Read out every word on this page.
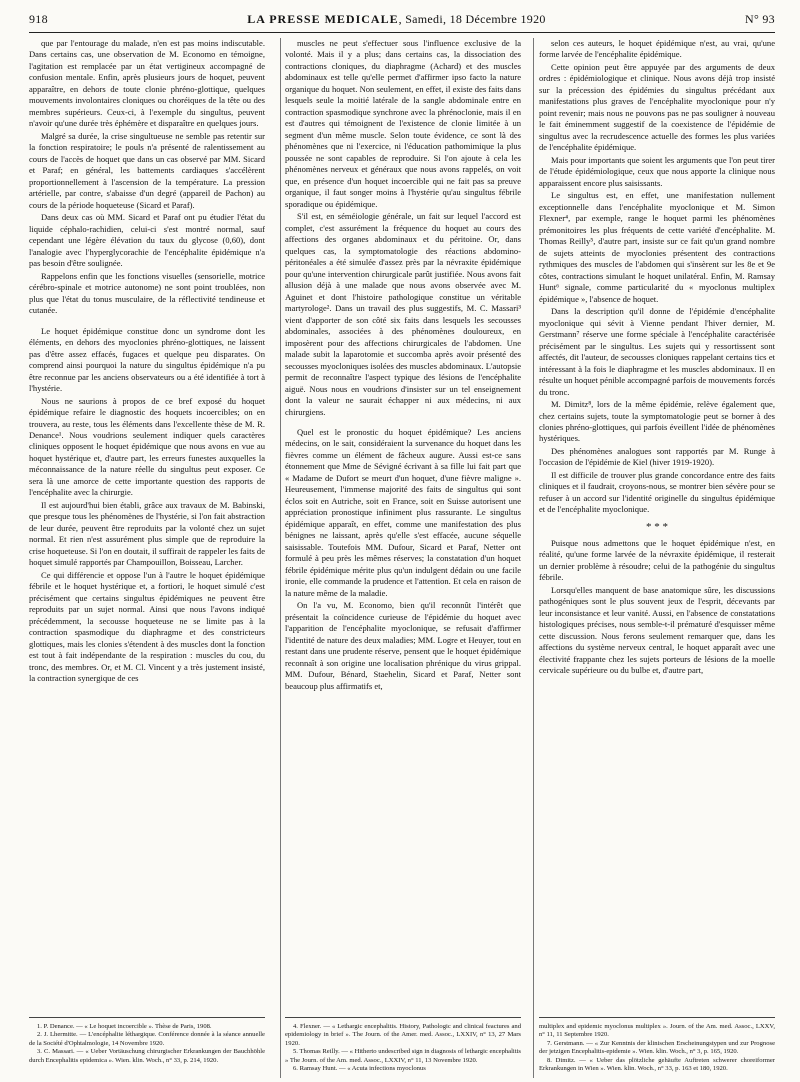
918	LA PRESSE MEDICALE, Samedi, 18 Décembre 1920	N° 93

que par l'entourage du malade, n'en est pas moins indiscutable. Dans certains cas, une observation de M. Economo en témoigne, l'agitation est remplacée par un état vertigineux accompagné de confusion mentale. Enfin, après plusieurs jours de hoquet, peuvent apparaître, en dehors de toute clonie phréno-glottique, quelques mouvements involontaires cloniques ou choréiques de la tête ou des membres supérieurs. Ceux-ci, à l'exemple du singultus, peuvent n'avoir qu'une durée très éphémère et disparaître en quelques jours.

Malgré sa durée, la crise singultueuse ne semble pas retentir sur la fonction respiratoire; le pouls n'a présenté de ralentissement au cours de l'accès de hoquet que dans un cas observé par MM. Sicard et Paraf; en général, les battements cardiaques s'accélèrent proportionnellement à l'ascension de la température. La pression artérielle, par contre, s'abaisse d'un degré (appareil de Pachon) au cours de la période hoqueteuse (Sicard et Paraf).

Dans deux cas où MM. Sicard et Paraf ont pu étudier l'état du liquide céphalo-rachidien, celui-ci s'est montré normal, sauf cependant une légère élévation du taux du glycose (0,60), dont l'analogie avec l'hyperglycorachie de l'encéphalite épidémique n'a pas besoin d'être soulignée.

Rappelons enfin que les fonctions visuelles (sensorielle, motrice cérébro-spinale et motrice autonome) ne sont point troublées, non plus que l'état du tonus musculaire, de la réflectivité tendineuse et cutanée.

Le hoquet épidémique constitue donc un syndrome dont les éléments, en dehors des myoclonies phréno-glottiques, ne laissent pas d'être assez effacés, fugaces et quelque peu disparates. On comprend ainsi pourquoi la nature du singultus épidémique n'a pu être reconnue par les anciens observateurs ou a été identifiée à tort à l'hystérie.

Nous ne saurions à propos de ce bref exposé du hoquet épidémique refaire le diagnostic des hoquets incoercibles; on en trouvera, au reste, tous les éléments dans l'excellente thèse de M. R. Denance¹. Nous voudrions seulement indiquer quels caractères cliniques opposent le hoquet épidémique que nous avons en vue au hoquet hystérique et, d'autre part, les erreurs funestes auxquelles la méconnaissance de la nature réelle du singultus peut exposer. Ce sera là une amorce de cette importante question des rapports de l'encéphalite avec la chirurgie.

Il est aujourd'hui bien établi, grâce aux travaux de M. Babinski, que presque tous les phénomènes de l'hystérie, si l'on fait abstraction de leur durée, peuvent être reproduits par la volonté chez un sujet normal. Et rien n'est assurément plus simple que de reproduire la crise hoqueteuse. Si l'on en doutait, il suffirait de rappeler les faits de hoquet simulé rapportés par Champouillon, Boisseau, Larcher.

Ce qui différencie et oppose l'un à l'autre le hoquet épidémique fébrile et le hoquet hystérique et, a fortiori, le hoquet simulé c'est précisément que certains singultus épidémiques ne peuvent être reproduits par un sujet normal. Ainsi que nous l'avons indiqué précédemment, la secousse hoqueteuse ne se limite pas à la contraction spasmodique du diaphragme et des constricteurs glottiques, mais les clonies s'étendent à des muscles dont la fonction est tout à fait indépendante de la respiration : muscles du cou, du tronc, des membres. Or, et M. Cl. Vincent y a très justement insisté, la contraction synergique de ces

muscles ne peut s'effectuer sous l'influence exclusive de la volonté. Mais il y a plus; dans certains cas, la dissociation des contractions cloniques, du diaphragme (Achard) et des muscles abdominaux est telle qu'elle permet d'affirmer ipso facto la nature organique du hoquet. Non seulement, en effet, il existe des faits dans lesquels seule la moitié latérale de la sangle abdominale entre en contraction spasmodique synchrone avec la phrénoclonie, mais il en est d'autres qui témoignent de l'existence de clonie limitée à un segment d'un même muscle. Selon toute évidence, ce sont là des phénomènes que ni l'exercice, ni l'éducation pathomimique la plus poussée ne sont capables de reproduire. Si l'on ajoute à cela les phénomènes nerveux et généraux que nous avons rappelés, on voit que, en présence d'un hoquet incoercible qui ne fait pas sa preuve organique, il faut songer moins à l'hystérie qu'au singultus fébrile sporadique ou épidémique.

S'il est, en séméiologie générale, un fait sur lequel l'accord est complet, c'est assurément la fréquence du hoquet au cours des affections des organes abdominaux et du péritoine. Or, dans quelques cas, la symptomatologie des réactions abdomino-péritonéales a été simulée d'assez près par la névraxite épidémique pour qu'une intervention chirurgicale parût justifiée. Nous avons fait allusion déjà à une malade que nous avons observée avec M. Aguinet et dont l'histoire pathologique constitue un véritable martyrologe². Dans un travail des plus suggestifs, M. C. Massari³ vient d'apporter de son côté six faits dans lesquels les secousses abdominales, associées à des phénomènes douloureux, en imposèrent pour des affections chirurgicales de l'abdomen. Une malade subit la laparotomie et succomba après avoir présenté des secousses myocloniques isolées des muscles abdominaux. L'autopsie permit de reconnaître l'aspect typique des lésions de l'encéphalite aiguë. Nous nous en voudrions d'insister sur un tel enseignement dont la valeur ne saurait échapper ni aux médecins, ni aux chirurgiens.

Quel est le pronostic du hoquet épidémique? Les anciens médecins, on le sait, considéraient la survenance du hoquet dans les fièvres comme un élément de fâcheux augure. Aussi est-ce sans étonnement que Mme de Sévigné écrivant à sa fille lui fait part que « Madame de Dufort se meurt d'un hoquet, d'une fièvre maligne ». Heureusement, l'immense majorité des faits de singultus qui sont éclos soit en Autriche, soit en France, soit en Suisse autorisent une appréciation pronostique infiniment plus rassurante. Le singultus épidémique apparaît, en effet, comme une manifestation des plus bénignes ne laissant, après qu'elle s'est effacée, aucune séquelle saisissable. Toutefois MM. Dufour, Sicard et Paraf, Netter ont formulé à peu près les mêmes réserves; la constatation d'un hoquet fébrile épidémique mérite plus qu'un indulgent dédain ou une facile ironie, elle commande la prudence et l'attention. Et cela en raison de la nature même de la maladie.

On l'a vu, M. Economo, bien qu'il reconnût l'intérêt que présentait la coïncidence curieuse de l'épidémie du hoquet avec l'apparition de l'encéphalite myoclonique, se refusait d'affirmer l'identité de nature des deux maladies; MM. Logre et Heuyer, tout en restant dans une prudente réserve, pensent que le hoquet épidémique reconnaît à son origine une localisation phrénique du virus grippal. MM. Dufour, Bénard, Staehelin, Sicard et Paraf, Netter sont beaucoup plus affirmatifs et,

selon ces auteurs, le hoquet épidémique n'est, au vrai, qu'une forme larvée de l'encéphalite épidémique.

Cette opinion peut être appuyée par des arguments de deux ordres : épidémiologique et clinique. Nous avons déjà trop insisté sur la précession des épidémies du singultus précédant aux manifestations plus graves de l'encéphalite myoclonique pour n'y point revenir; mais nous ne pouvons pas ne pas souligner à nouveau le fait éminemment suggestif de la coexistence de l'épidémie de singultus avec la recrudescence actuelle des formes les plus variées de l'encéphalite épidémique.

Mais pour importants que soient les arguments que l'on peut tirer de l'étude épidémiologique, ceux que nous apporte la clinique nous apparaissent encore plus saisissants.

Le singultus est, en effet, une manifestation nullement exceptionnelle dans l'encéphalite myoclonique et M. Simon Flexner⁴, par exemple, range le hoquet parmi les phénomènes prémonitoires les plus fréquents de cette variété d'encéphalite. M. Thomas Reilly⁵, d'autre part, insiste sur ce fait qu'un grand nombre de sujets atteints de myoclonies présentent des contractions rythmiques des muscles de l'abdomen qui s'insèrent sur les 8e et 9e côtes, contractions simulant le hoquet unilatéral. Enfin, M. Ramsay Hunt⁶ signale, comme particularité du « myoclonus multiplex épidémique », l'absence de hoquet.

Dans la description qu'il donne de l'épidémie d'encéphalite myoclonique qui sévit à Vienne pendant l'hiver dernier, M. Gerstmann⁷ réserve une forme spéciale à l'encéphalite caractérisée précisément par le singultus. Les sujets qui y ressortissent sont affectés, dit l'auteur, de secousses cloniques rappelant certains tics et intéressant à la fois le diaphragme et les muscles abdominaux. Il en résulte un hoquet pénible accompagné parfois de mouvements forcés du tronc.

M. Dimitz⁸, lors de la même épidémie, relève également que, chez certains sujets, toute la symptomatologie peut se borner à des clonies phréno-glottiques, qui parfois éveillent l'idée de phénomènes hystériques.

Des phénomènes analogues sont rapportés par M. Runge à l'occasion de l'épidémie de Kiel (hiver 1919-1920).

Il est difficile de trouver plus grande concordance entre des faits cliniques et il faudrait, croyons-nous, se montrer bien sévère pour se refuser à un accord sur l'identité originelle du singultus épidémique et de l'encéphalite myoclonique.

* * *

Puisque nous admettons que le hoquet épidémique n'est, en réalité, qu'une forme larvée de la névraxite épidémique, il resterait un dernier problème à résoudre; celui de la pathogénie du singultus fébrile.

Lorsqu'elles manquent de base anatomique sûre, les discussions pathogéniques sont le plus souvent jeux de l'esprit, décevants par leur inconsistance et leur vanité. Aussi, en l'absence de constatations histologiques précises, nous semble-t-il prématuré d'esquisser même cette discussion. Nous ferons seulement remarquer que, dans les affections du système nerveux central, le hoquet apparaît avec une électivité frappante chez les sujets porteurs de lésions de la moelle cervicale supérieure ou du bulbe et, d'autre part,

1. P. Denance. — « Le hoquet incoercible ». Thèse de Paris, 1908.

2. J. Lhermitte. — L'encéphalite léthargique. Conférence donnée à la séance annuelle de la Société d'Ophtalmologie, 14 Novembre 1920.

3. C. Massari. — « Ueber Vortäuschung chirurgischer Erkrankungen der Bauchhöhle durch Encephalitis epidemica ». Wien. klin. Woch., n° 33, p. 214, 1920.

4. Flexner. — « Lethargic encephalitis. History, Pathologic and clinical feactures and epidemiology in brief ». The Journ. of the Amer. med. Assoc., LXXIV, n° 13, 27 Mars 1920.

5. Thomas Reilly. — « Hitherto undescribed sign in diagnosis of lethargic encephalitis » The Journ. of the Am. med. Assoc., LXXIV, n° 11, 13 Novembre 1920.

6. Ramsay Hunt. — « Acuta infections myoclonus

multiplex and epidemic myoclonus multiplex ». Journ. of the Am. med. Assoc., LXXV, n° 11, 11 Septembre 1920.

7. Gerstmann. — « Zur Kenntnis der klinischen Erscheinungstypen und zur Prognose der jetzigen Encephalitis-epidemie ». Wien. klin. Woch., n° 3, p. 165, 1920.

8. Dimitz. — « Ueber das plötzliche gehäufte Auftreten schwerer choreiformer Erkrankungen in Wien ». Wien. klin. Woch., n° 33, p. 163 et 180, 1920.
